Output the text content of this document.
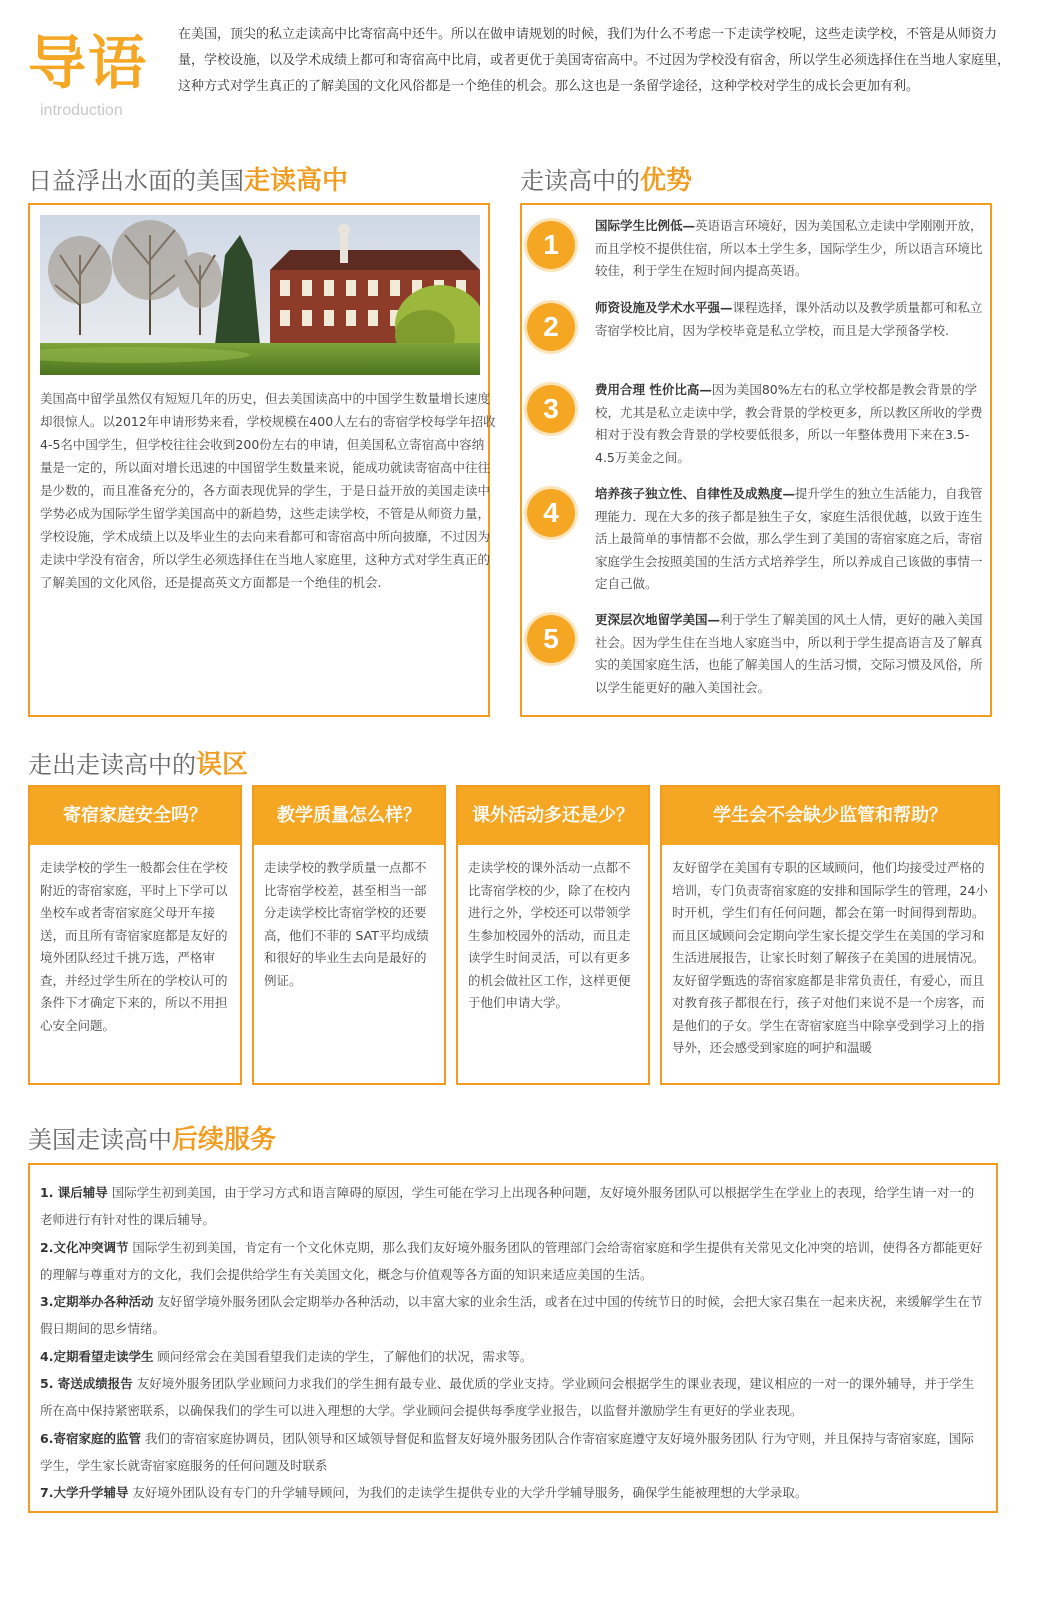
导语
introduction
在美国，顶尖的私立走读高中比寄宿高中还牛。所以在做申请规划的时候，我们为什么不考虑一下走读学校呢，这些走读学校，不管是从师资力量，学校设施，以及学术成绩上都可和寄宿高中比肩，或者更优于美国寄宿高中。不过因为学校没有宿舍，所以学生必须选择住在当地人家庭里，这种方式对学生真正的了解美国的文化风俗都是一个绝佳的机会。那么这也是一条留学途径，这种学校对学生的成长会更加有利。
日益浮出水面的美国走读高中
美国高中留学虽然仅有短短几年的历史，但去美国读高中的中国学生数量增长速度却很惊人。以2012年申请形势来看，学校规模在400人左右的寄宿学校每学年招收4-5名中国学生，但学校往往会收到200份左右的申请，但美国私立寄宿高中容纳量是一定的，所以面对增长迅速的中国留学生数量来说，能成功就读寄宿高中往往是少数的，而且准备充分的，各方面表现优异的学生，于是日益开放的美国走读中学势必成为国际学生留学美国高中的新趋势，这些走读学校，不管是从师资力量，学校设施，学术成绩上以及毕业生的去向来看都可和寄宿高中所向披靡，不过因为走读中学没有宿舍，所以学生必须选择住在当地人家庭里，这种方式对学生真正的了解美国的文化风俗，还是提高英文方面都是一个绝佳的机会.
走读高中的优势
1
国际学生比例低—英语语言环境好，因为美国私立走读中学刚刚开放，而且学校不提供住宿，所以本土学生多，国际学生少，所以语言环境比较佳，利于学生在短时间内提高英语。
2
师资设施及学术水平强—课程选择，课外活动以及教学质量都可和私立寄宿学校比肩，因为学校毕竟是私立学校，而且是大学预备学校.
3
费用合理 性价比高—因为美国80%左右的私立学校都是教会背景的学校，尤其是私立走读中学，教会背景的学校更多，所以教区所收的学费相对于没有教会背景的学校要低很多，所以一年整体费用下来在3.5-4.5万美金之间。
4
培养孩子独立性、自律性及成熟度—提升学生的独立生活能力，自我管理能力．现在大多的孩子都是独生子女，家庭生活很优越，以致于连生活上最简单的事情都不会做，那么学生到了美国的寄宿家庭之后，寄宿家庭学生会按照美国的生活方式培养学生，所以养成自己该做的事情一定自己做。
5
更深层次地留学美国—利于学生了解美国的风土人情，更好的融入美国社会。因为学生住在当地人家庭当中，所以利于学生提高语言及了解真实的美国家庭生活，也能了解美国人的生活习惯，交际习惯及风俗，所以学生能更好的融入美国社会。
走出走读高中的误区
寄宿家庭安全吗？
走读学校的学生一般都会住在学校附近的寄宿家庭，平时上下学可以坐校车或者寄宿家庭父母开车接送，而且所有寄宿家庭都是友好的境外团队经过千挑万选，严格审查，并经过学生所在的学校认可的条件下才确定下来的，所以不用担心安全问题。
教学质量怎么样？
走读学校的教学质量一点都不比寄宿学校差，甚至相当一部分走读学校比寄宿学校的还要高，他们不菲的 SAT平均成绩和很好的毕业生去向是最好的例证。
课外活动多还是少？
走读学校的课外活动一点都不比寄宿学校的少，除了在校内进行之外，学校还可以带领学生参加校园外的活动，而且走读学生时间灵活，可以有更多的机会做社区工作，这样更便于他们申请大学。
学生会不会缺少监管和帮助？
友好留学在美国有专职的区域顾问，他们均接受过严格的培训，专门负责寄宿家庭的安排和国际学生的管理，24小时开机，学生们有任何问题，都会在第一时间得到帮助。而且区域顾问会定期向学生家长提交学生在美国的学习和生活进展报告，让家长时刻了解孩子在美国的进展情况。友好留学甄选的寄宿家庭都是非常负责任，有爱心，而且对教育孩子都很在行，孩子对他们来说不是一个房客，而是他们的子女。学生在寄宿家庭当中除享受到学习上的指导外，还会感受到家庭的呵护和温暖
美国走读高中后续服务
1. 课后辅导 国际学生初到美国，由于学习方式和语言障碍的原因，学生可能在学习上出现各种问题，友好境外服务团队可以根据学生在学业上的表现，给学生请一对一的老师进行有针对性的课后辅导。
2.文化冲突调节 国际学生初到美国，肯定有一个文化休克期，那么我们友好境外服务团队的管理部门会给寄宿家庭和学生提供有关常见文化冲突的培训，使得各方都能更好的理解与尊重对方的文化，我们会提供给学生有关美国文化，概念与价值观等各方面的知识来适应美国的生活。
3.定期举办各种活动 友好留学境外服务团队会定期举办各种活动，以丰富大家的业余生活，或者在过中国的传统节日的时候，会把大家召集在一起来庆祝，来缓解学生在节假日期间的思乡情绪。
4.定期看望走读学生 顾问经常会在美国看望我们走读的学生，了解他们的状况，需求等。
5. 寄送成绩报告 友好境外服务团队学业顾问力求我们的学生拥有最专业、最优质的学业支持。学业顾问会根据学生的课业表现，建议相应的一对一的课外辅导，并于学生所在高中保持紧密联系，以确保我们的学生可以进入理想的大学。学业顾问会提供每季度学业报告，以监督并激励学生有更好的学业表现。
6.寄宿家庭的监管 我们的寄宿家庭协调员，团队领导和区域领导督促和监督友好境外服务团队合作寄宿家庭遵守友好境外服务团队 行为守则，并且保持与寄宿家庭，国际学生，学生家长就寄宿家庭服务的任何问题及时联系
7.大学升学辅导 友好境外团队设有专门的升学辅导顾问，为我们的走读学生提供专业的大学升学辅导服务，确保学生能被理想的大学录取。
